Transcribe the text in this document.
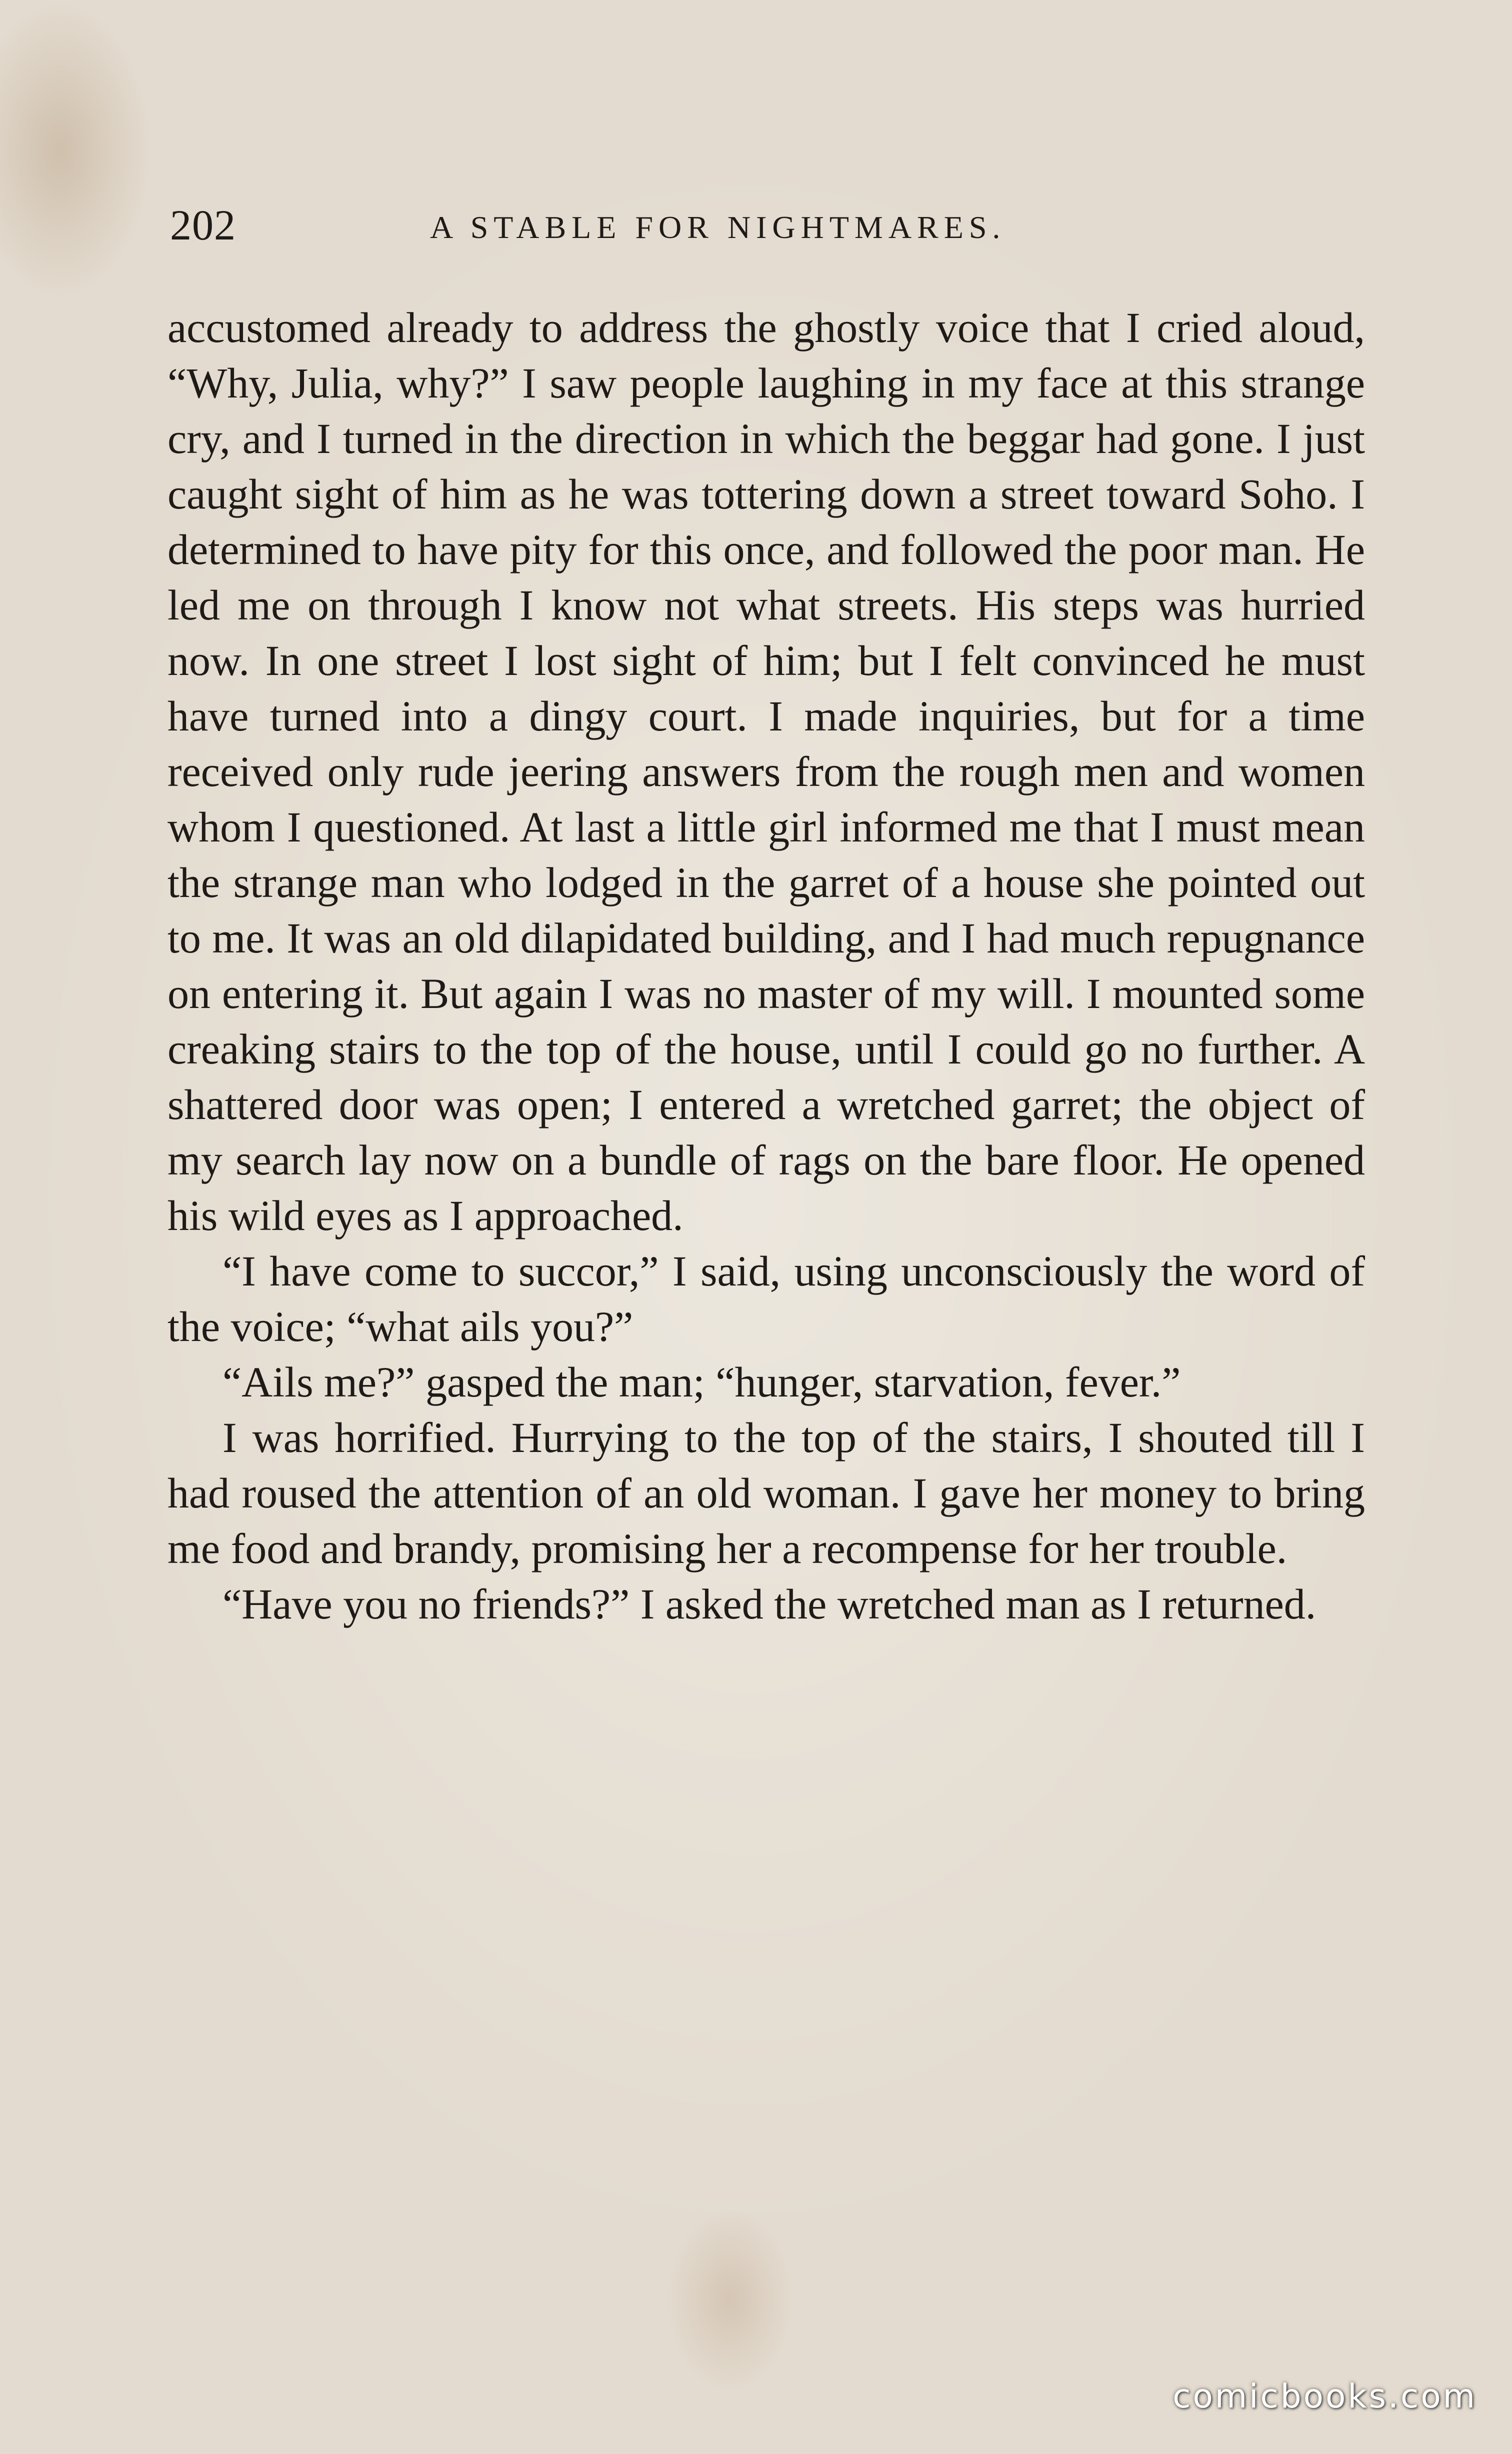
202	A STABLE FOR NIGHTMARES.

accustomed already to address the ghostly voice that I cried aloud, “Why, Julia, why?” I saw people laughing in my face at this strange cry, and I turned in the direction in which the beggar had gone. I just caught sight of him as he was tottering down a street toward Soho. I determined to have pity for this once, and followed the poor man. He led me on through I know not what streets. His steps was hurried now. In one street I lost sight of him; but I felt convinced he must have turned into a dingy court. I made inquiries, but for a time received only rude jeering answers from the rough men and women whom I questioned. At last a little girl informed me that I must mean the strange man who lodged in the garret of a house she pointed out to me. It was an old dilapidated building, and I had much repugnance on entering it. But again I was no master of my will. I mounted some creaking stairs to the top of the house, until I could go no further. A shattered door was open; I entered a wretched garret; the object of my search lay now on a bundle of rags on the bare floor. He opened his wild eyes as I approached.

“I have come to succor,” I said, using unconsciously the word of the voice; “what ails you?”

“Ails me?” gasped the man; “hunger, starvation, fever.”

I was horrified. Hurrying to the top of the stairs, I shouted till I had roused the attention of an old woman. I gave her money to bring me food and brandy, promising her a recompense for her trouble.

“Have you no friends?” I asked the wretched man as I returned.

comicbooks.com
